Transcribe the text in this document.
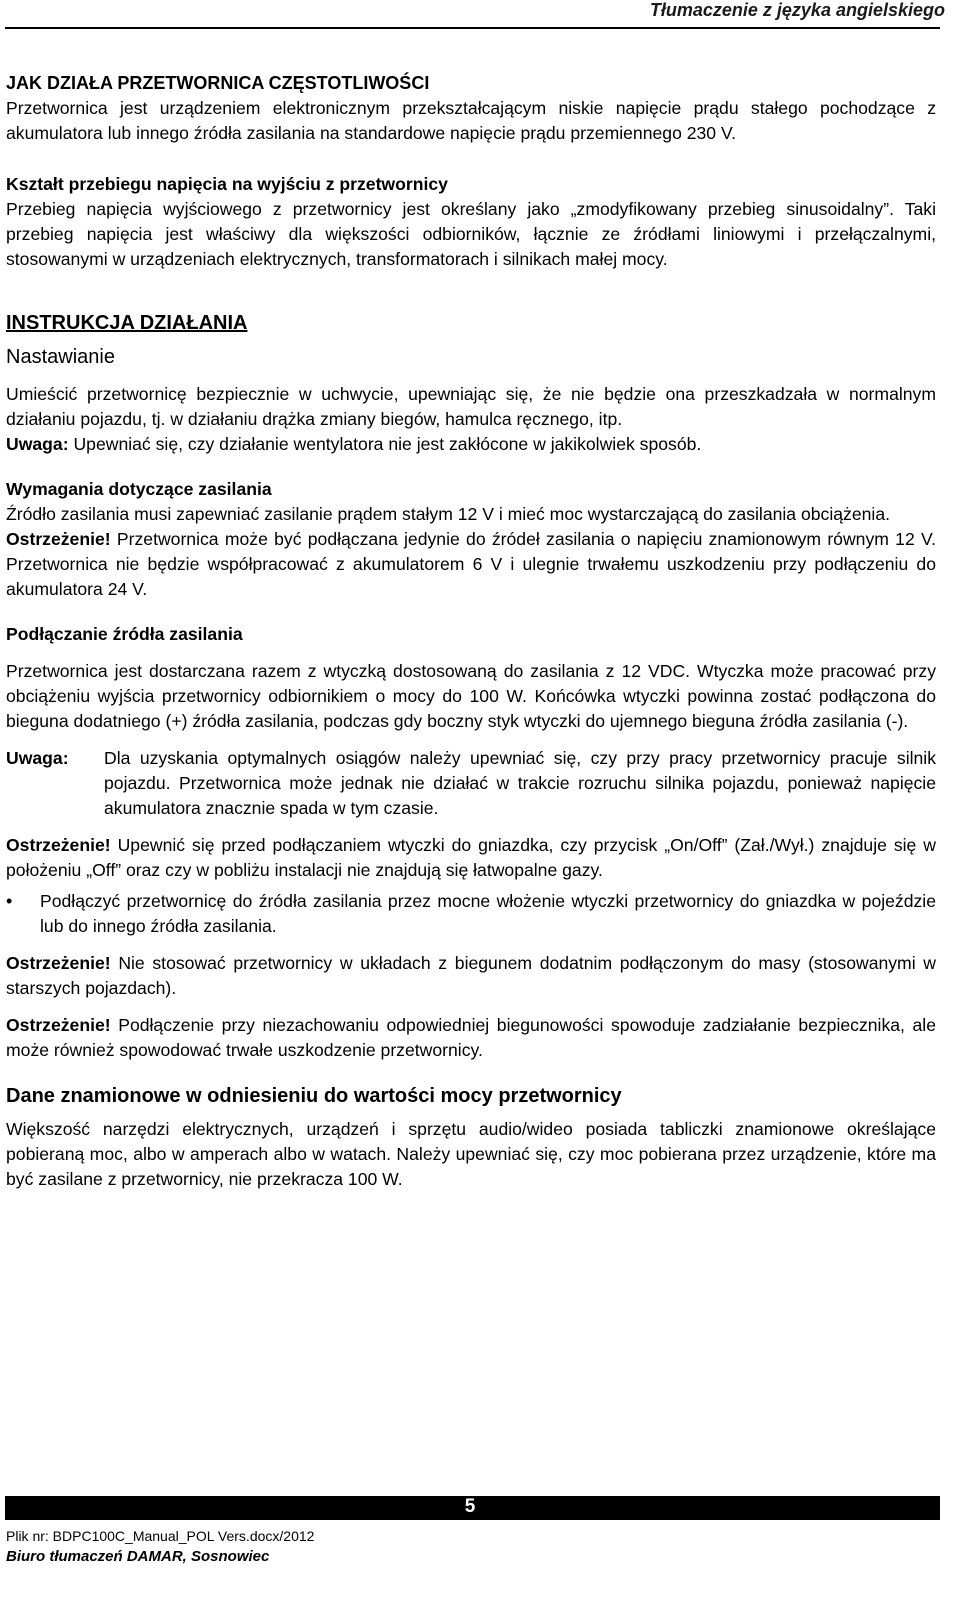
Tłumaczenie z języka angielskiego

JAK DZIAŁA PRZETWORNICA CZĘSTOTLIWOŚCI

Przetwornica jest urządzeniem elektronicznym przekształcającym niskie napięcie prądu stałego pochodzące z akumulatora lub innego źródła zasilania na standardowe napięcie prądu przemiennego 230 V.

Kształt przebiegu napięcia na wyjściu z przetwornicy

Przebieg napięcia wyjściowego z przetwornicy jest określany jako „zmodyfikowany przebieg sinusoidalny”. Taki przebieg napięcia jest właściwy dla większości odbiorników, łącznie ze źródłami liniowymi i przełączalnymi, stosowanymi w urządzeniach elektrycznych, transformatorach i silnikach małej mocy.

INSTRUKCJA DZIAŁANIA

Nastawianie

Umieścić przetwornicę bezpiecznie w uchwycie, upewniając się, że nie będzie ona przeszkadzała w normalnym działaniu pojazdu, tj. w działaniu drążka zmiany biegów, hamulca ręcznego, itp.

Uwaga: Upewniać się, czy działanie wentylatora nie jest zakłócone w jakikolwiek sposób.

Wymagania dotyczące zasilania

Źródło zasilania musi zapewniać zasilanie prądem stałym 12 V i mieć moc wystarczającą do zasilania obciążenia.

Ostrzeżenie! Przetwornica może być podłączana jedynie do źródeł zasilania o napięciu znamionowym równym 12 V. Przetwornica nie będzie współpracować z akumulatorem 6 V i ulegnie trwałemu uszkodzeniu przy podłączeniu do akumulatora 24 V.

Podłączanie źródła zasilania

Przetwornica jest dostarczana razem z wtyczką dostosowaną do zasilania z 12 VDC. Wtyczka może pracować przy obciążeniu wyjścia przetwornicy odbiornikiem o mocy do 100 W. Końcówka wtyczki powinna zostać podłączona do bieguna dodatniego (+) źródła zasilania, podczas gdy boczny styk wtyczki do ujemnego bieguna źródła zasilania (-).

Uwaga:	Dla uzyskania optymalnych osiągów należy upewniać się, czy przy pracy przetwornicy pracuje silnik pojazdu. Przetwornica może jednak nie działać w trakcie rozruchu silnika pojazdu, ponieważ napięcie akumulatora znacznie spada w tym czasie.

Ostrzeżenie! Upewnić się przed podłączaniem wtyczki do gniazdka, czy przycisk „On/Off” (Zał./Wył.) znajduje się w położeniu „Off” oraz czy w pobliżu instalacji nie znajdują się łatwopalne gazy.

•	Podłączyć przetwornicę do źródła zasilania przez mocne włożenie wtyczki przetwornicy do gniazdka w pojeździe lub do innego źródła zasilania.

Ostrzeżenie! Nie stosować przetwornicy w układach z biegunem dodatnim podłączonym do masy (stosowanymi w starszych pojazdach).

Ostrzeżenie! Podłączenie przy niezachowaniu odpowiedniej biegunowości spowoduje zadziałanie bezpiecznika, ale może również spowodować trwałe uszkodzenie przetwornicy.

Dane znamionowe w odniesieniu do wartości mocy przetwornicy

Większość narzędzi elektrycznych, urządzeń i sprzętu audio/wideo posiada tabliczki znamionowe określające pobieraną moc, albo w amperach albo w watach. Należy upewniać się, czy moc pobierana przez urządzenie, które ma być zasilane z przetwornicy, nie przekracza 100 W.

5
Plik nr: BDPC100C_Manual_POL Vers.docx/2012
Biuro tłumaczeń DAMAR, Sosnowiec
